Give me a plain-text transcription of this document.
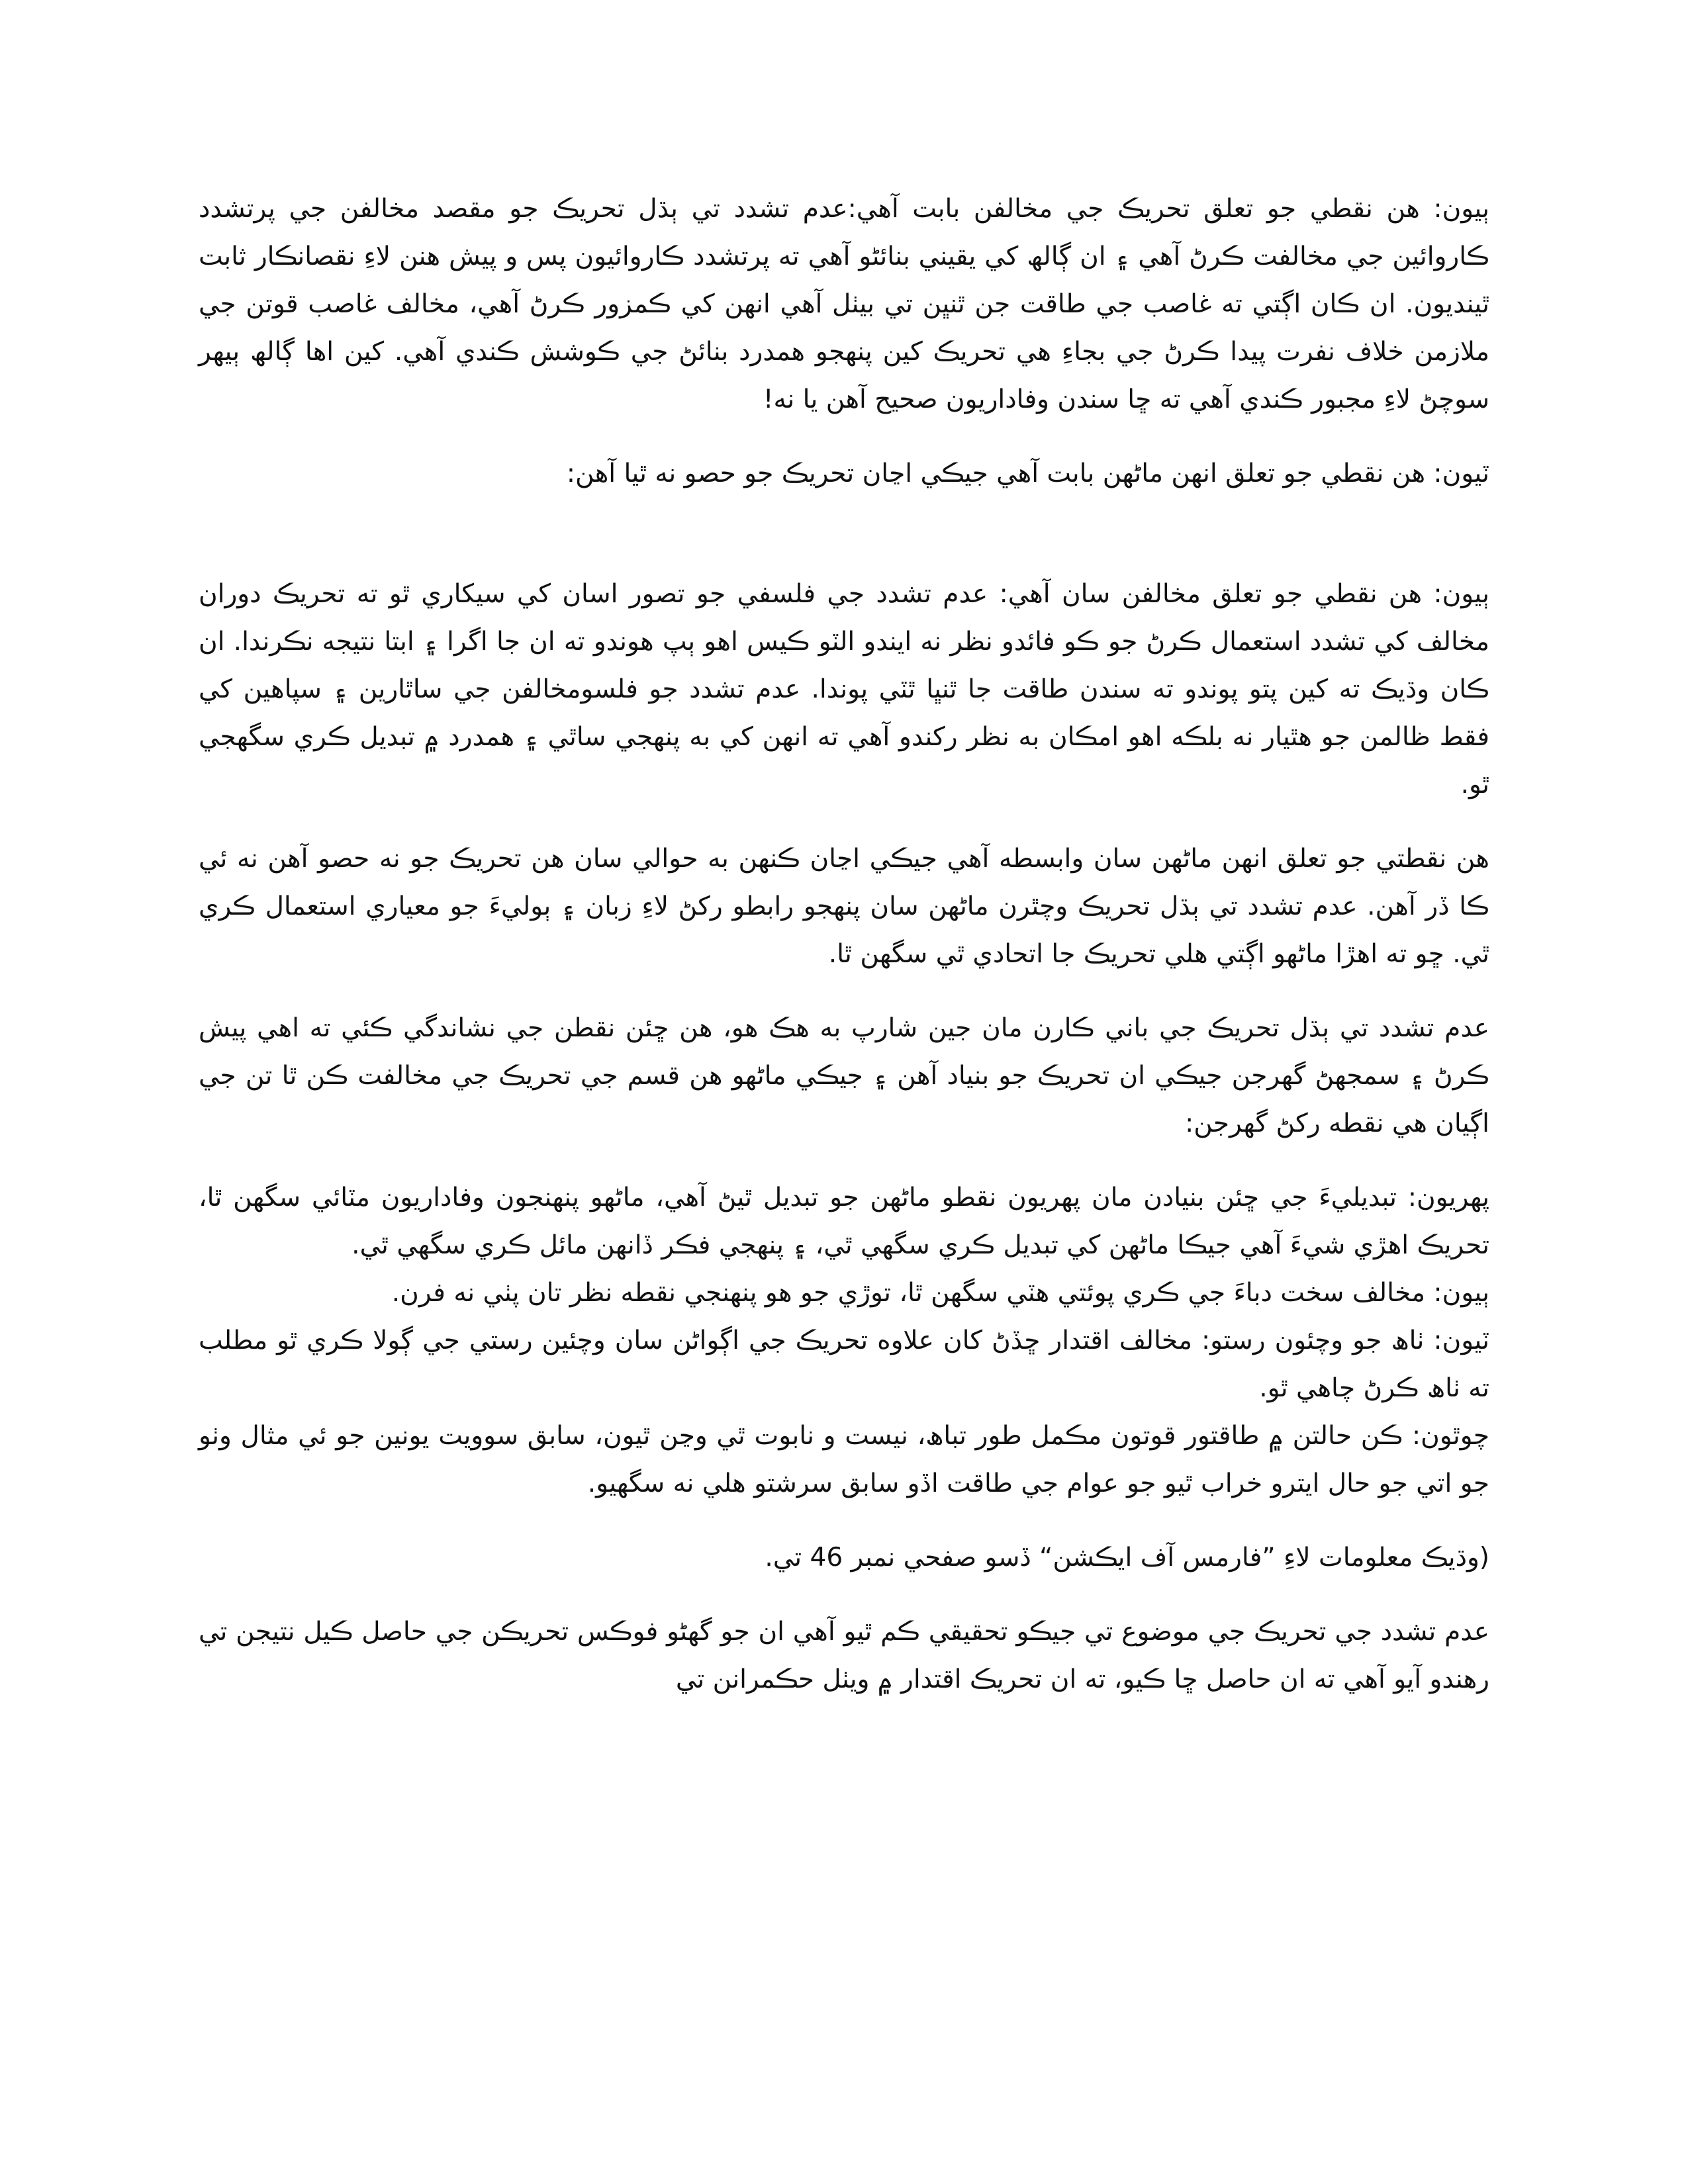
ٻيون: هن نقطي جو تعلق تحريڪ جي مخالفن بابت آهي:عدم تشدد تي ٻڌل تحريڪ جو مقصد مخالفن جي پرتشدد ڪاروائين جي مخالفت ڪرڻ آهي ۽ ان ڳالھ کي يقيني بنائڻو آهي ته پرتشدد ڪاروائيون پس و پيش هنن لاءِ نقصانڪار ثابت ٿينديون. ان ڪان اڳتي ته غاصب جي طاقت جن ٿنڀن تي بيٺل آهي انهن کي ڪمزور ڪرڻ آهي، مخالف غاصب قوتن جي ملازمن خلاف نفرت پيدا ڪرڻ جي بجاءِ هي تحريڪ کين پنهجو همدرد بنائڻ جي ڪوشش ڪندي آهي. کين اها ڳالھ ٻيهر سوچڻ لاءِ مجبور ڪندي آهي ته ڇا سندن وفاداريون صحيح آهن يا نه!

ٽيون: هن نقطي جو تعلق انهن ماڻهن بابت آهي جيڪي اڃان تحريڪ جو حصو نه ٿيا آهن:

ٻيون: هن نقطي جو تعلق مخالفن سان آهي: عدم تشدد جي فلسفي جو تصور اسان کي سيکاري ٿو ته تحريڪ دوران مخالف کي تشدد استعمال ڪرڻ جو ڪو فائدو نظر نه ايندو الٽو ڪيس اهو ٻپ هوندو ته ان جا اگرا ۽ ابتا نتيجه نڪرندا. ان ڪان وڌيڪ ته کين پتو پوندو ته سندن طاقت جا ٿنڀا ٿٽي پوندا. عدم تشدد جو فلسومخالفن جي ساٿارين ۽ سپاهين کي فقط ظالمن جو هٿيار نه بلڪه اهو امڪان به نظر رکندو آهي ته انهن کي به پنهجي ساٿي ۽ همدرد ۾ تبديل ڪري سگهجي ٿو.

هن نقطتي جو تعلق انهن ماڻهن سان وابسطه آهي جيڪي اڃان ڪنهن به حوالي سان هن تحريڪ جو نه حصو آهن نه ئي ڪا ڏر آهن. عدم تشدد تي ٻڌل تحريڪ وچٿرن ماڻهن سان پنهجو رابطو رکڻ لاءِ زبان ۽ ٻوليءَ جو معياري استعمال ڪري ٿي. ڇو ته اهڙا ماڻهو اڳتي هلي تحريڪ جا اتحادي ٿي سگهن ٿا.

عدم تشدد تي ٻڌل تحريڪ جي باني ڪارن مان جين شارپ به هڪ هو، هن ڇئن نقطن جي نشاندگي ڪئي ته اهي پيش ڪرڻ ۽ سمجھڻ گهرجن جيڪي ان تحريڪ جو بنياد آهن ۽ جيڪي ماڻهو هن قسم جي تحريڪ جي مخالفت ڪن ٿا تن جي اڳيان هي نقطه رکڻ گهرجن:

پهريون: تبديليءَ جي ڇئن بنيادن مان پهريون نقطو ماڻهن جو تبديل ٿيڻ آهي، ماڻهو پنهنجون وفاداريون مٽائي سگهن ٿا، تحريڪ اهڙي شيءَ آهي جيڪا ماڻهن کي تبديل ڪري سگهي ٿي، ۽ پنهجي فڪر ڏانهن مائل ڪري سگهي ٿي.

ٻيون: مخالف سخت دباءَ جي ڪري پوئتي هٽي سگهن ٿا، توڙي جو هو پنهنجي نقطه نظر تان پٺي نه فرن.

ٽيون: ٺاھ جو وچئون رستو: مخالف اقتدار ڇڏڻ کان علاوه تحريڪ جي اڳواڻن سان وچئين رستي جي ڳولا ڪري ٿو مطلب ته ٺاھ ڪرڻ چاهي ٿو.

چوٿون: ڪن حالتن ۾ طاقتور قوتون مڪمل طور تباھ، نيست و نابوت ٿي وڃن ٿيون، سابق سوويت يونين جو ئي مثال وٺو جو اتي جو حال ايترو خراب ٿيو جو عوام جي طاقت اڏو سابق سرشتو هلي نه سگهيو.

(وڌيڪ معلومات لاءِ ”فارمس آف ايڪشن“ ڏسو صفحي نمبر 46 تي.

عدم تشدد جي تحريڪ جي موضوع تي جيڪو تحقيقي ڪم ٿيو آهي ان جو گهڻو فوڪس تحريڪن جي حاصل ڪيل نتيجن تي رهندو آيو آهي ته ان حاصل ڇا ڪيو، ته ان تحريڪ اقتدار ۾ ويٺل حڪمرانن تي
